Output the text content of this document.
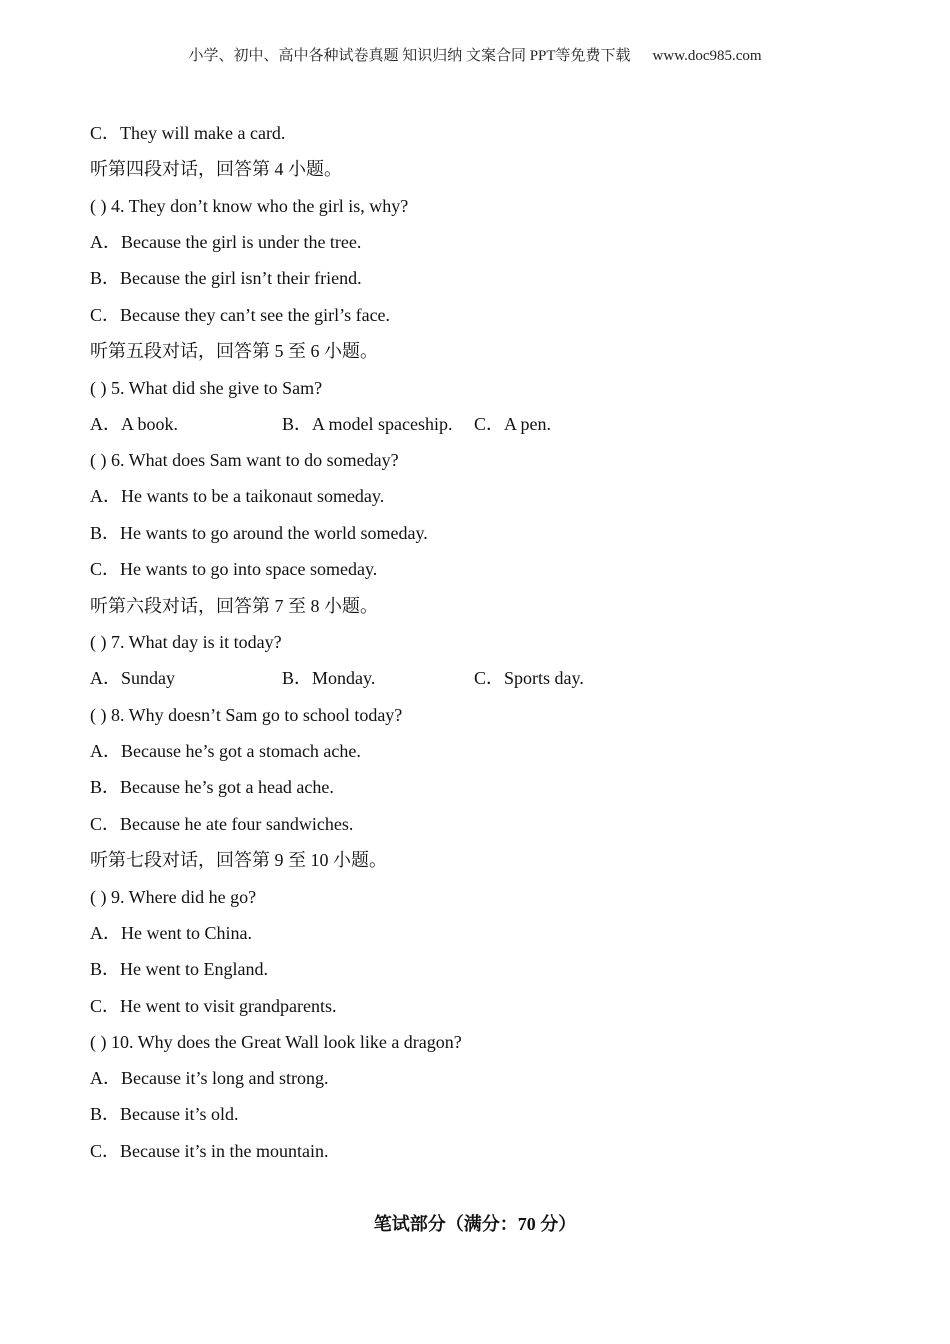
小学、初中、高中各种试卷真题 知识归纳 文案合同 PPT等免费下载 www.doc985.com
C．They will make a card.
听第四段对话，回答第 4 小题。
( ) 4. They don’t know who the girl is, why?
A．Because the girl is under the tree.
B．Because the girl isn’t their friend.
C．Because they can’t see the girl’s face.
听第五段对话，回答第 5 至 6 小题。
( ) 5. What did she give to Sam?
A．A book.	B．A model spaceship. C．A pen.
( ) 6. What does Sam want to do someday?
A．He wants to be a taikonaut someday.
B．He wants to go around the world someday.
C．He wants to go into space someday.
听第六段对话，回答第 7 至 8 小题。
( ) 7. What day is it today?
A．Sunday	B．Monday.	C．Sports day.
( ) 8. Why doesn’t Sam go to school today?
A．Because he’s got a stomach ache.
B．Because he’s got a head ache.
C．Because he ate four sandwiches.
听第七段对话，回答第 9 至 10 小题。
( ) 9. Where did he go?
A．He went to China.
B．He went to England.
C．He went to visit grandparents.
( ) 10. Why does the Great Wall look like a dragon?
A．Because it’s long and strong.
B．Because it’s old.
C．Because it’s in the mountain.
笔试部分（满分：70 分）
